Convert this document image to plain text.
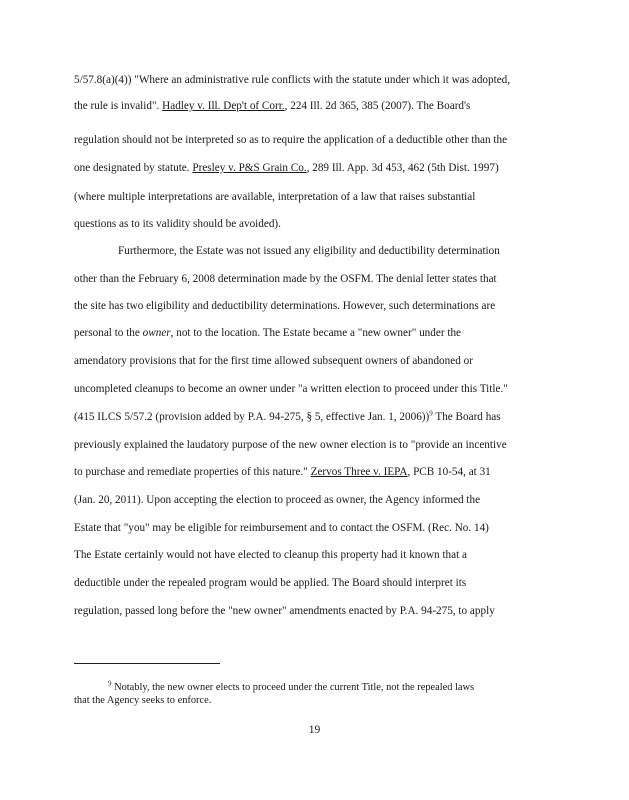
5/57.8(a)(4)) "Where an administrative rule conflicts with the statute under which it was adopted,
the rule is invalid". Hadley v. Ill. Dep't of Corr., 224 Ill. 2d 365, 385 (2007). The Board's
regulation should not be interpreted so as to require the application of a deductible other than the
one designated by statute. Presley v. P&S Grain Co., 289 Ill. App. 3d 453, 462 (5th Dist. 1997)
(where multiple interpretations are available, interpretation of a law that raises substantial
questions as to its validity should be avoided).
Furthermore, the Estate was not issued any eligibility and deductibility determination
other than the February 6, 2008 determination made by the OSFM. The denial letter states that
the site has two eligibility and deductibility determinations. However, such determinations are
personal to the owner, not to the location. The Estate became a "new owner" under the
amendatory provisions that for the first time allowed subsequent owners of abandoned or
uncompleted cleanups to become an owner under "a written election to proceed under this Title."
(415 ILCS 5/57.2 (provision added by P.A. 94-275, § 5, effective Jan. 1, 2006))$^9$ The Board has
previously explained the laudatory purpose of the new owner election is to "provide an incentive
to purchase and remediate properties of this nature." Zervos Three v. IEPA, PCB 10-54, at 31
(Jan. 20, 2011). Upon accepting the election to proceed as owner, the Agency informed the
Estate that "you" may be eligible for reimbursement and to contact the OSFM. (Rec. No. 14)
The Estate certainly would not have elected to cleanup this property had it known that a
deductible under the repealed program would be applied. The Board should interpret its
regulation, passed long before the "new owner" amendments enacted by P.A. 94-275, to apply
$^9$ Notably, the new owner elects to proceed under the current Title, not the repealed laws
that the Agency seeks to enforce.
19
